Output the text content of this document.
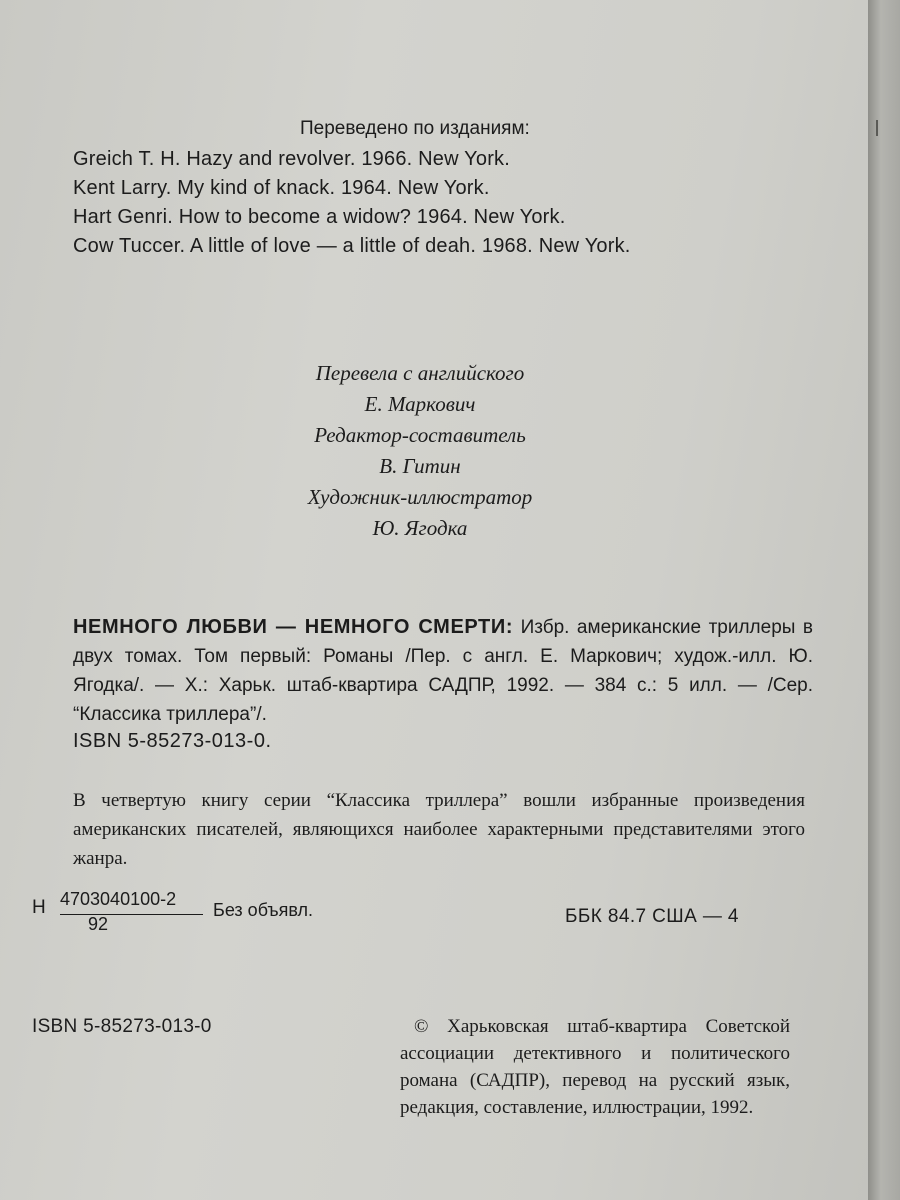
Переведено по изданиям:
Greich T. H. Hazy and revolver. 1966. New York.
Kent Larry. My kind of knack. 1964. New York.
Hart Genri. How to become a widow? 1964. New York.
Cow Tuccer. A little of love — a little of deah. 1968. New York.
Перевела с английского
Е. Маркович
Редактор-составитель
В. Гитин
Художник-иллюстратор
Ю. Ягодка

НЕМНОГО ЛЮБВИ — НЕМНОГО СМЕРТИ: Избр. американские триллеры в двух томах. Том первый: Романы /Пер. с англ. Е. Маркович; худож.-илл. Ю. Ягодка/. — Х.: Харьк. штаб-квартира САДПР, 1992. — 384 с.: 5 илл. — /Сер. “Классика триллера”/.

ISBN 5-85273-013-0.

В четвертую книгу серии “Классика триллера” вошли избранные произведения американских писателей, являющихся наиболее характерными представителями этого жанра.

Н 4703040100-2
92
Без объявл.	ББК 84.7 США — 4
ISBN 5-85273-013-0	© Харьковская штаб-квартира Советской ассоциации детективного и политического романа (САДПР), перевод на русский язык, редакция, составление, иллюстрации, 1992.
